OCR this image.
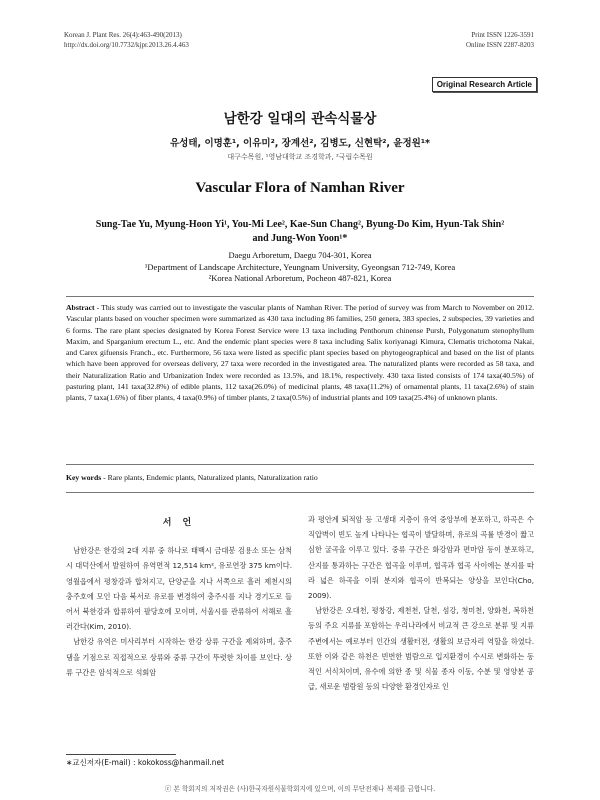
Korean J. Plant Res. 26(4):463-490(2013)
http://dx.doi.org/10.7732/kjpr.2013.26.4.463
Print ISSN 1226-3591
Online ISSN 2287-8203
Original Research Article
남한강 일대의 관속식물상
유성태, 이명훈¹, 이유미², 장계선², 김병도, 신현탁², 윤정원¹*
대구수목원, ¹영남대학교 조경학과, ²국립수목원
Vascular Flora of Namhan River
Sung-Tae Yu, Myung-Hoon Yi¹, You-Mi Lee², Kae-Sun Chang², Byung-Do Kim, Hyun-Tak Shin²
and Jung-Won Yoon¹*
Daegu Arboretum, Daegu 704-301, Korea
¹Department of Landscape Architecture, Yeungnam University, Gyeongsan 712-749, Korea
²Korea National Arboretum, Pocheon 487-821, Korea
Abstract - This study was carried out to investigate the vascular plants of Namhan River. The period of survey was from March to November on 2012. Vascular plants based on voucher specimen were summarized as 430 taxa including 86 families, 250 genera, 383 species, 2 subspecies, 39 varieties and 6 forms. The rare plant species designated by Korea Forest Service were 13 taxa including Penthorum chinense Pursh, Polygonatum stenophyllum Maxim, and Sparganium erectum L., etc. And the endemic plant species were 8 taxa including Salix koriyanagi Kimura, Clematis trichotoma Nakai, and Carex gifuensis Franch., etc. Furthermore, 56 taxa were listed as specific plant species based on phytogeographical and based on the list of plants which have been approved for overseas delivery, 27 taxa were recorded in the investigated area. The naturalized plants were recorded as 58 taxa, and their Naturalization Ratio and Urbanization Index were recorded as 13.5%, and 18.1%, respectively. 430 taxa listed consists of 174 taxa(40.5%) of pasturing plant, 141 taxa(32.8%) of edible plants, 112 taxa(26.0%) of medicinal plants, 48 taxa(11.2%) of ornamental plants, 11 taxa(2.6%) of stain plants, 7 taxa(1.6%) of fiber plants, 4 taxa(0.9%) of timber plants, 2 taxa(0.5%) of industrial plants and 109 taxa(25.4%) of unknown plants.
Key words - Rare plants, Endemic plants, Naturalized plants, Naturalization ratio
서 언

남한강은 한강의 2대 지류 중 하나로 태백시 금대봉 검용소 또는 삼척시 대덕산에서 발원하여 유역면적 12,514 km², 유로연장 375 km이다. 영월읍에서 평창강과 합쳐지고, 단양군을 지나 서쪽으로 흘러 제천시의 충주호에 모인 다음 북서로 유로를 변경하여 충주시를 지나 경기도로 들어서 북한강과 합류하여 팔당호에 모이며, 서울시를 관류하여 서해로 흘러간다(Kim, 2010).

남한강 유역은 미사리부터 시작하는 한강 상류 구간을 제외하며, 충주댐을 기점으로 직접적으로 상류와 중류 구간이 뚜렷한 차이를 보인다. 상류 구간은 암석적으로 석회암

과 평안계 퇴적암 등 고생대 지층이 유역 중앙부에 분포하고, 하곡은 수직압벽이 빈도 높게 나타나는 협곡이 발달하며, 유로의 곡률 반경이 짧고 심한 굴곡을 이루고 있다. 중류 구간은 화강암과 편마암 등이 분포하고, 산지를 통과하는 구간은 협곡을 이루며, 협곡과 협곡 사이에는 분지를 따라 넓은 하곡을 이뤄 분지와 협곡이 반복되는 양상을 보인다(Cho, 2009).

남한강은 오대천, 평창강, 제천천, 달천, 섬강, 청미천, 양화천, 복하천 등의 주요 지류를 포함하는 우리나라에서 비교적 큰 강으로 분류 및 지류 주변에서는 예로부터 인간의 생활터전, 생활의 보금자리 역할을 하였다. 또한 이와 같은 하천은 빈번한 범람으로 입지환경이 수시로 변화하는 동적인 서식처이며, 유수에 의한 종 및 식물 종자 이동, 수분 및 영양분 공급, 새로운 범람원 등의 다양한 환경인자로 인

∗교신저자(E-mail) : kokokoss@hanmail.net
ⓒ 본 학회지의 저작권은 (사)한국자원식물학회지에 있으며, 이의 무단전재나 복제를 금합니다.
